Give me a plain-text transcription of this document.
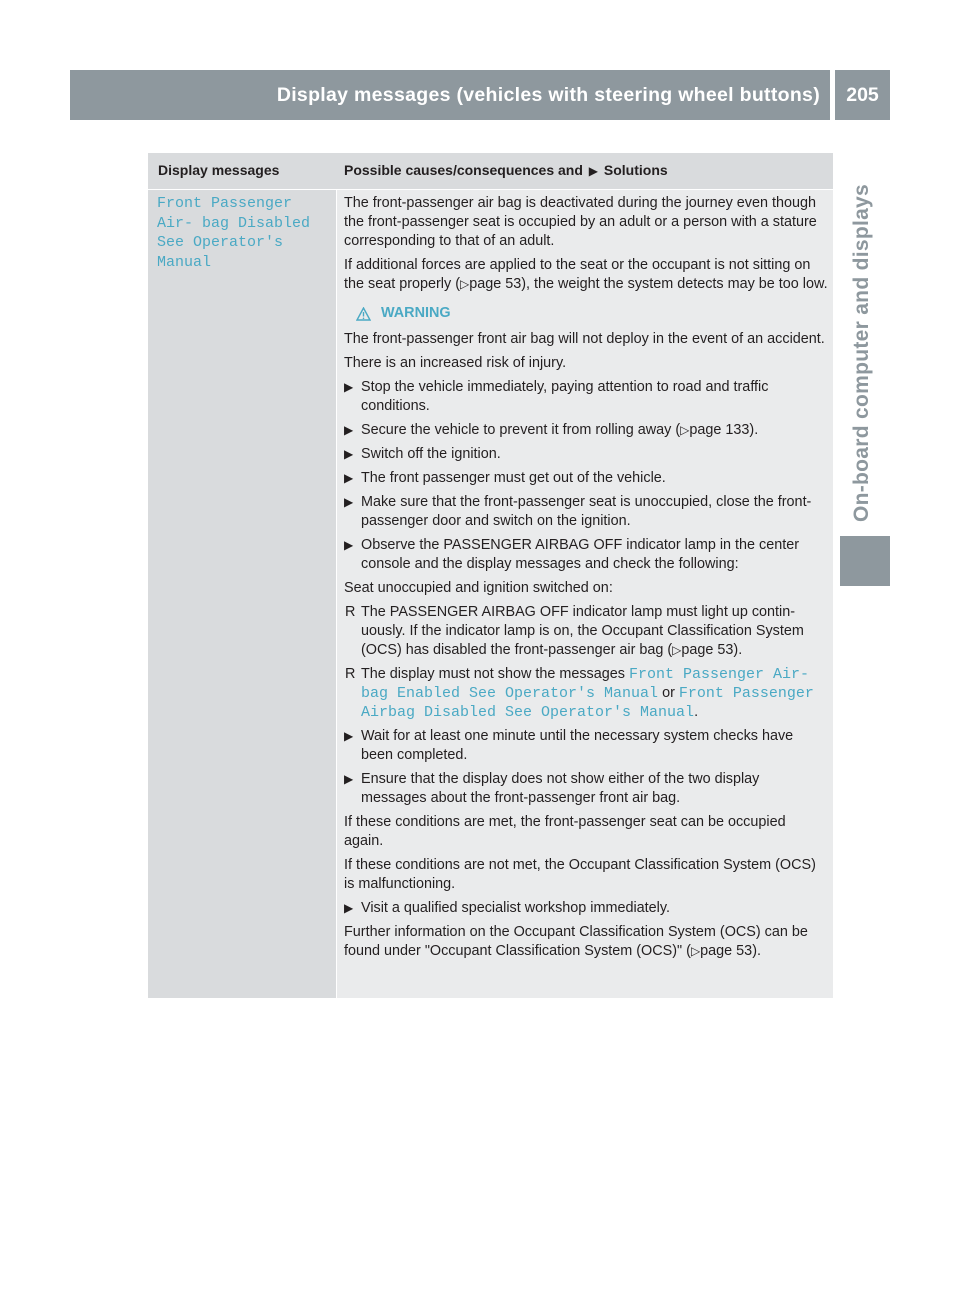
Display messages (vehicles with steering wheel buttons)	205
On-board computer and displays
Display messages	Possible causes/consequences and ▶ Solutions
Front Passenger Air‐ bag Disabled See Operator's Manual

The front-passenger air bag is deactivated during the journey even though the front-passenger seat is occupied by an adult or a person with a stature corresponding to that of an adult.

If additional forces are applied to the seat or the occupant is not sitting on the seat properly (▷page 53), the weight the system detects may be too low.

WARNING

The front-passenger front air bag will not deploy in the event of an accident.

There is an increased risk of injury.

▶ Stop the vehicle immediately, paying attention to road and traffic conditions.
▶ Secure the vehicle to prevent it from rolling away (▷page 133).
▶ Switch off the ignition.
▶ The front passenger must get out of the vehicle.
▶ Make sure that the front-passenger seat is unoccupied, close the front-passenger door and switch on the ignition.
▶ Observe the PASSENGER AIRBAG OFF indicator lamp in the center console and the display messages and check the following:

Seat unoccupied and ignition switched on:

R The PASSENGER AIRBAG OFF indicator lamp must light up continuously. If the indicator lamp is on, the Occupant Classification System (OCS) has disabled the front-passenger air bag (▷page 53).
R The display must not show the messages Front Passenger Air‐ bag Enabled See Operator's Manual or Front Passenger Airbag Disabled See Operator's Manual.
▶ Wait for at least one minute until the necessary system checks have been completed.
▶ Ensure that the display does not show either of the two display messages about the front-passenger front air bag.

If these conditions are met, the front-passenger seat can be occupied again.

If these conditions are not met, the Occupant Classification System (OCS) is malfunctioning.

▶ Visit a qualified specialist workshop immediately.

Further information on the Occupant Classification System (OCS) can be found under "Occupant Classification System (OCS)" (▷page 53).
